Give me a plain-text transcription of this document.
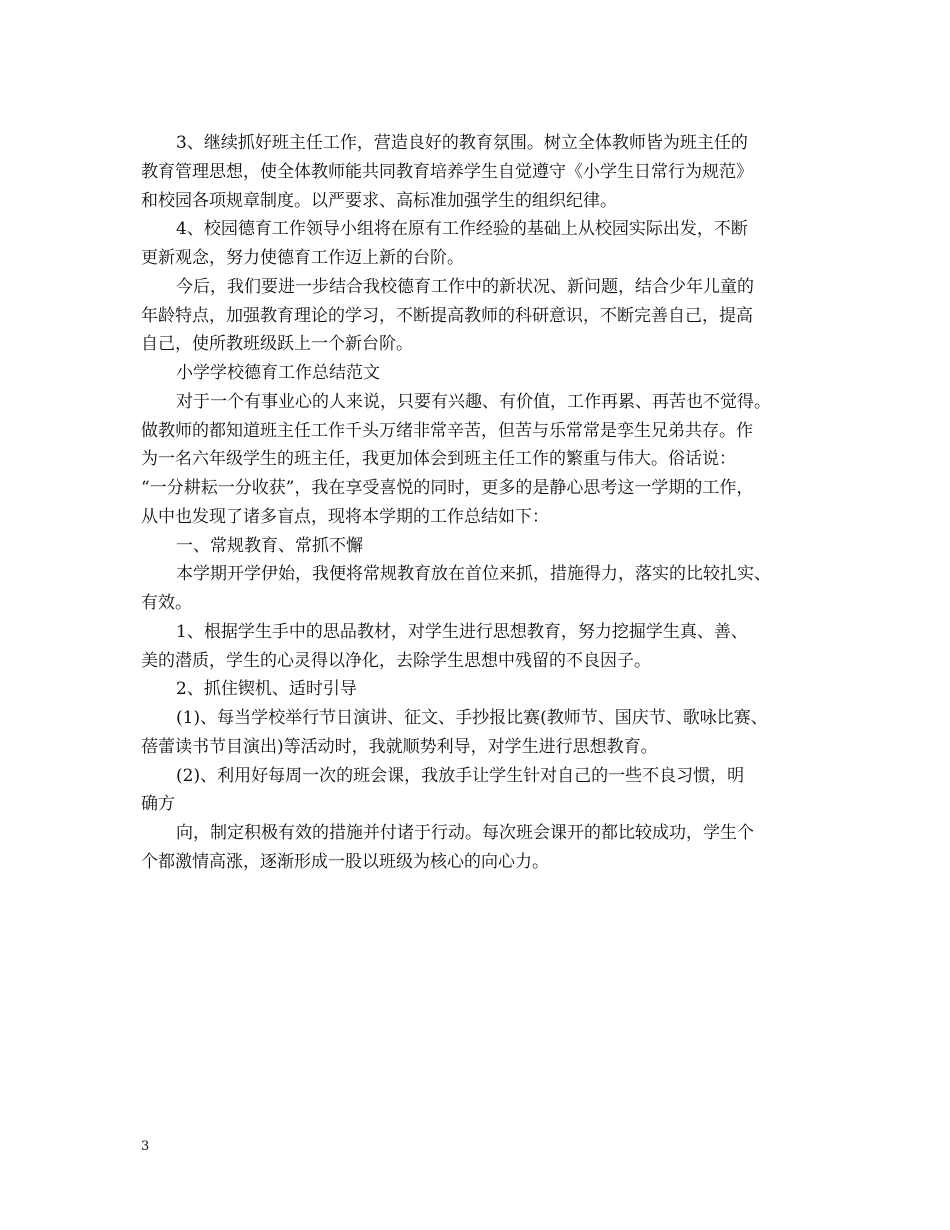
3、继续抓好班主任工作，营造良好的教育氛围。树立全体教师皆为班主任的
教育管理思想，使全体教师能共同教育培养学生自觉遵守《小学生日常行为规范》
和校园各项规章制度。以严要求、高标准加强学生的组织纪律。
4、校园德育工作领导小组将在原有工作经验的基础上从校园实际出发，不断
更新观念，努力使德育工作迈上新的台阶。
今后，我们要进一步结合我校德育工作中的新状况、新问题，结合少年儿童的
年龄特点，加强教育理论的学习，不断提高教师的科研意识，不断完善自己，提高
自己，使所教班级跃上一个新台阶。
小学学校德育工作总结范文
对于一个有事业心的人来说，只要有兴趣、有价值，工作再累、再苦也不觉得。
做教师的都知道班主任工作千头万绪非常辛苦，但苦与乐常常是孪生兄弟共存。作
为一名六年级学生的班主任，我更加体会到班主任工作的繁重与伟大。俗话说：
“一分耕耘一分收获”，我在享受喜悦的同时，更多的是静心思考这一学期的工作，
从中也发现了诸多盲点，现将本学期的工作总结如下：
一、常规教育、常抓不懈
本学期开学伊始，我便将常规教育放在首位来抓，措施得力，落实的比较扎实、
有效。
1、根据学生手中的思品教材，对学生进行思想教育，努力挖掘学生真、善、
美的潜质，学生的心灵得以净化，去除学生思想中残留的不良因子。
2、抓住锲机、适时引导
(1)、每当学校举行节日演讲、征文、手抄报比赛(教师节、国庆节、歌咏比赛、
蓓蕾读书节目演出)等活动时，我就顺势利导，对学生进行思想教育。
(2)、利用好每周一次的班会课，我放手让学生针对自己的一些不良习惯，明
确方
向，制定积极有效的措施并付诸于行动。每次班会课开的都比较成功，学生个
个都激情高涨，逐渐形成一股以班级为核心的向心力。
3
